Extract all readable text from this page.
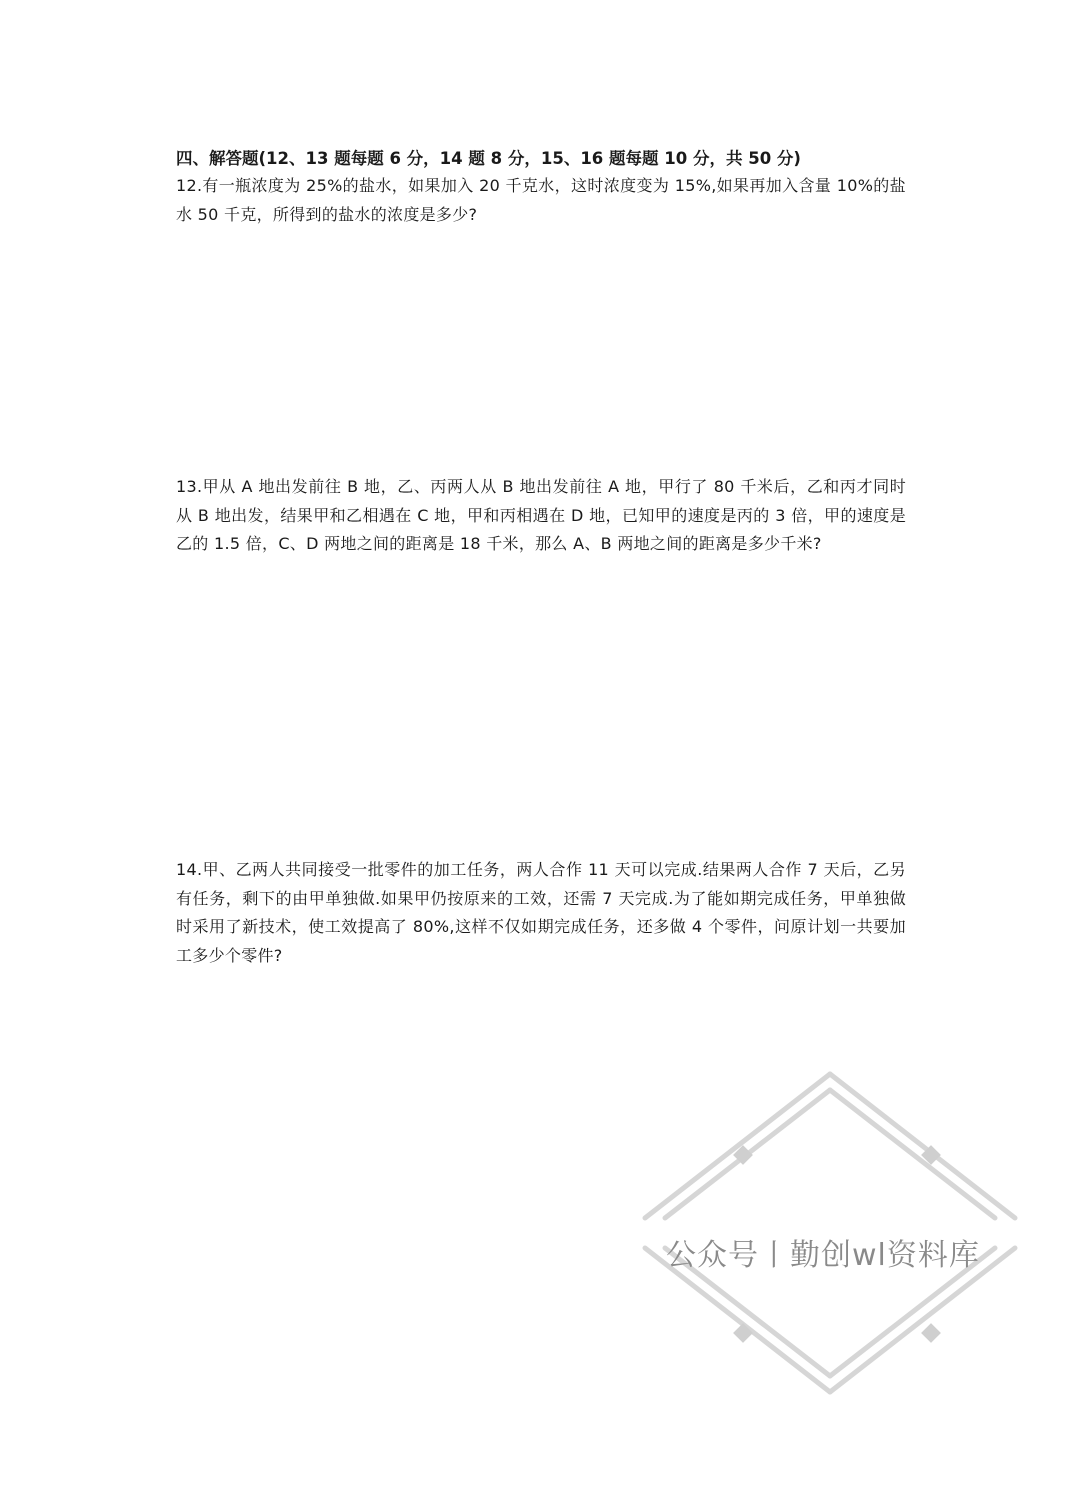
四、解答题(12、13 题每题 6 分，14 题 8 分，15、16 题每题 10 分，共 50 分)
12.有一瓶浓度为 25%的盐水，如果加入 20 千克水，这时浓度变为 15%,如果再加入含量 10%的盐水 50 千克，所得到的盐水的浓度是多少?
13.甲从 A 地出发前往 B 地，乙、丙两人从 B 地出发前往 A 地，甲行了 80 千米后，乙和丙才同时从 B 地出发，结果甲和乙相遇在 C 地，甲和丙相遇在 D 地，已知甲的速度是丙的 3 倍，甲的速度是乙的 1.5 倍，C、D 两地之间的距离是 18 千米，那么 A、B 两地之间的距离是多少千米?
14.甲、乙两人共同接受一批零件的加工任务，两人合作 11 天可以完成.结果两人合作 7 天后，乙另有任务，剩下的由甲单独做.如果甲仍按原来的工效，还需 7 天完成.为了能如期完成任务，甲单独做时采用了新技术，使工效提高了 80%,这样不仅如期完成任务，还多做 4 个零件，问原计划一共要加工多少个零件?
公众号丨勤创wl资料库
